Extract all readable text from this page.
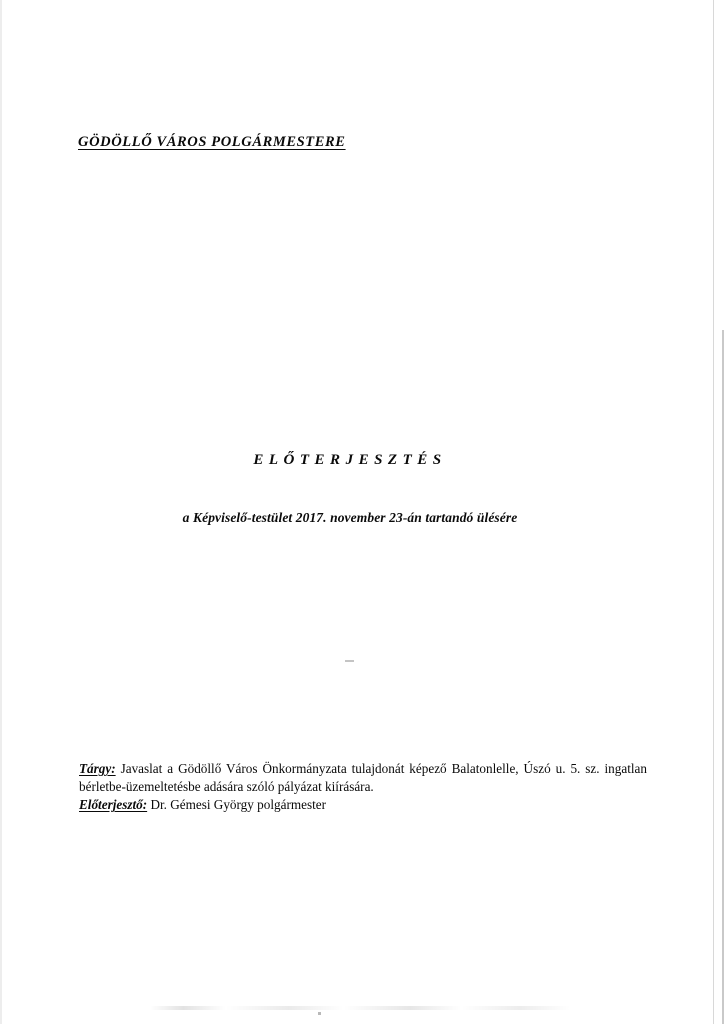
GÖDÖLLŐ VÁROS POLGÁRMESTERE
ELŐTERJESZTÉS
a Képviselő-testület 2017. november 23-án tartandó ülésére
Tárgy: Javaslat a Gödöllő Város Önkormányzata tulajdonát képező Balatonlelle, Úszó u. 5. sz. ingatlan bérletbe-üzemeltetésbe adására szóló pályázat kiírására.
Előterjesztő: Dr. Gémesi György polgármester
